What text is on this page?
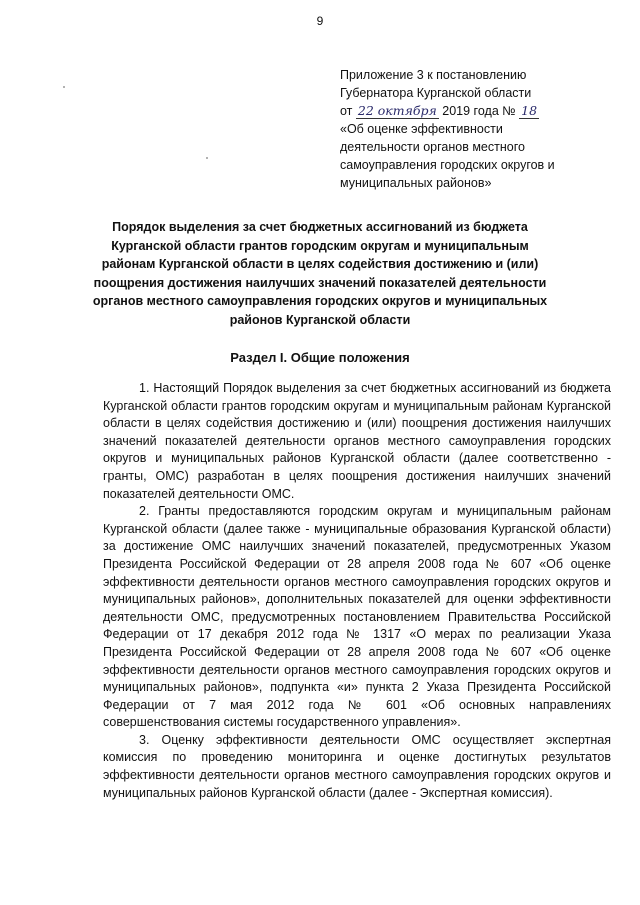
9
Приложение 3 к постановлению
Губернатора Курганской области
от 22 октября 2019 года № 18
«Об оценке эффективности
деятельности органов местного
самоуправления городских округов и
муниципальных районов»
Порядок выделения за счет бюджетных ассигнований из бюджета Курганской области грантов городским округам и муниципальным районам Курганской области в целях содействия достижению и (или) поощрения достижения наилучших значений показателей деятельности органов местного самоуправления городских округов и муниципальных районов Курганской области
Раздел I. Общие положения

1. Настоящий Порядок выделения за счет бюджетных ассигнований из бюджета Курганской области грантов городским округам и муниципальным районам Курганской области в целях содействия достижению и (или) поощрения достижения наилучших значений показателей деятельности органов местного самоуправления городских округов и муниципальных районов Курганской области (далее соответственно - гранты, ОМС) разработан в целях поощрения достижения наилучших значений показателей деятельности ОМС.

2. Гранты предоставляются городским округам и муниципальным районам Курганской области (далее также - муниципальные образования Курганской области) за достижение ОМС наилучших значений показателей, предусмотренных Указом Президента Российской Федерации от 28 апреля 2008 года № 607 «Об оценке эффективности деятельности органов местного самоуправления городских округов и муниципальных районов», дополнительных показателей для оценки эффективности деятельности ОМС, предусмотренных постановлением Правительства Российской Федерации от 17 декабря 2012 года № 1317 «О мерах по реализации Указа Президента Российской Федерации от 28 апреля 2008 года № 607 «Об оценке эффективности деятельности органов местного самоуправления городских округов и муниципальных районов», подпункта «и» пункта 2 Указа Президента Российской Федерации от 7 мая 2012 года № 601 «Об основных направлениях совершенствования системы государственного управления».

3. Оценку эффективности деятельности ОМС осуществляет экспертная комиссия по проведению мониторинга и оценке достигнутых результатов эффективности деятельности органов местного самоуправления городских округов и муниципальных районов Курганской области (далее - Экспертная комиссия).
